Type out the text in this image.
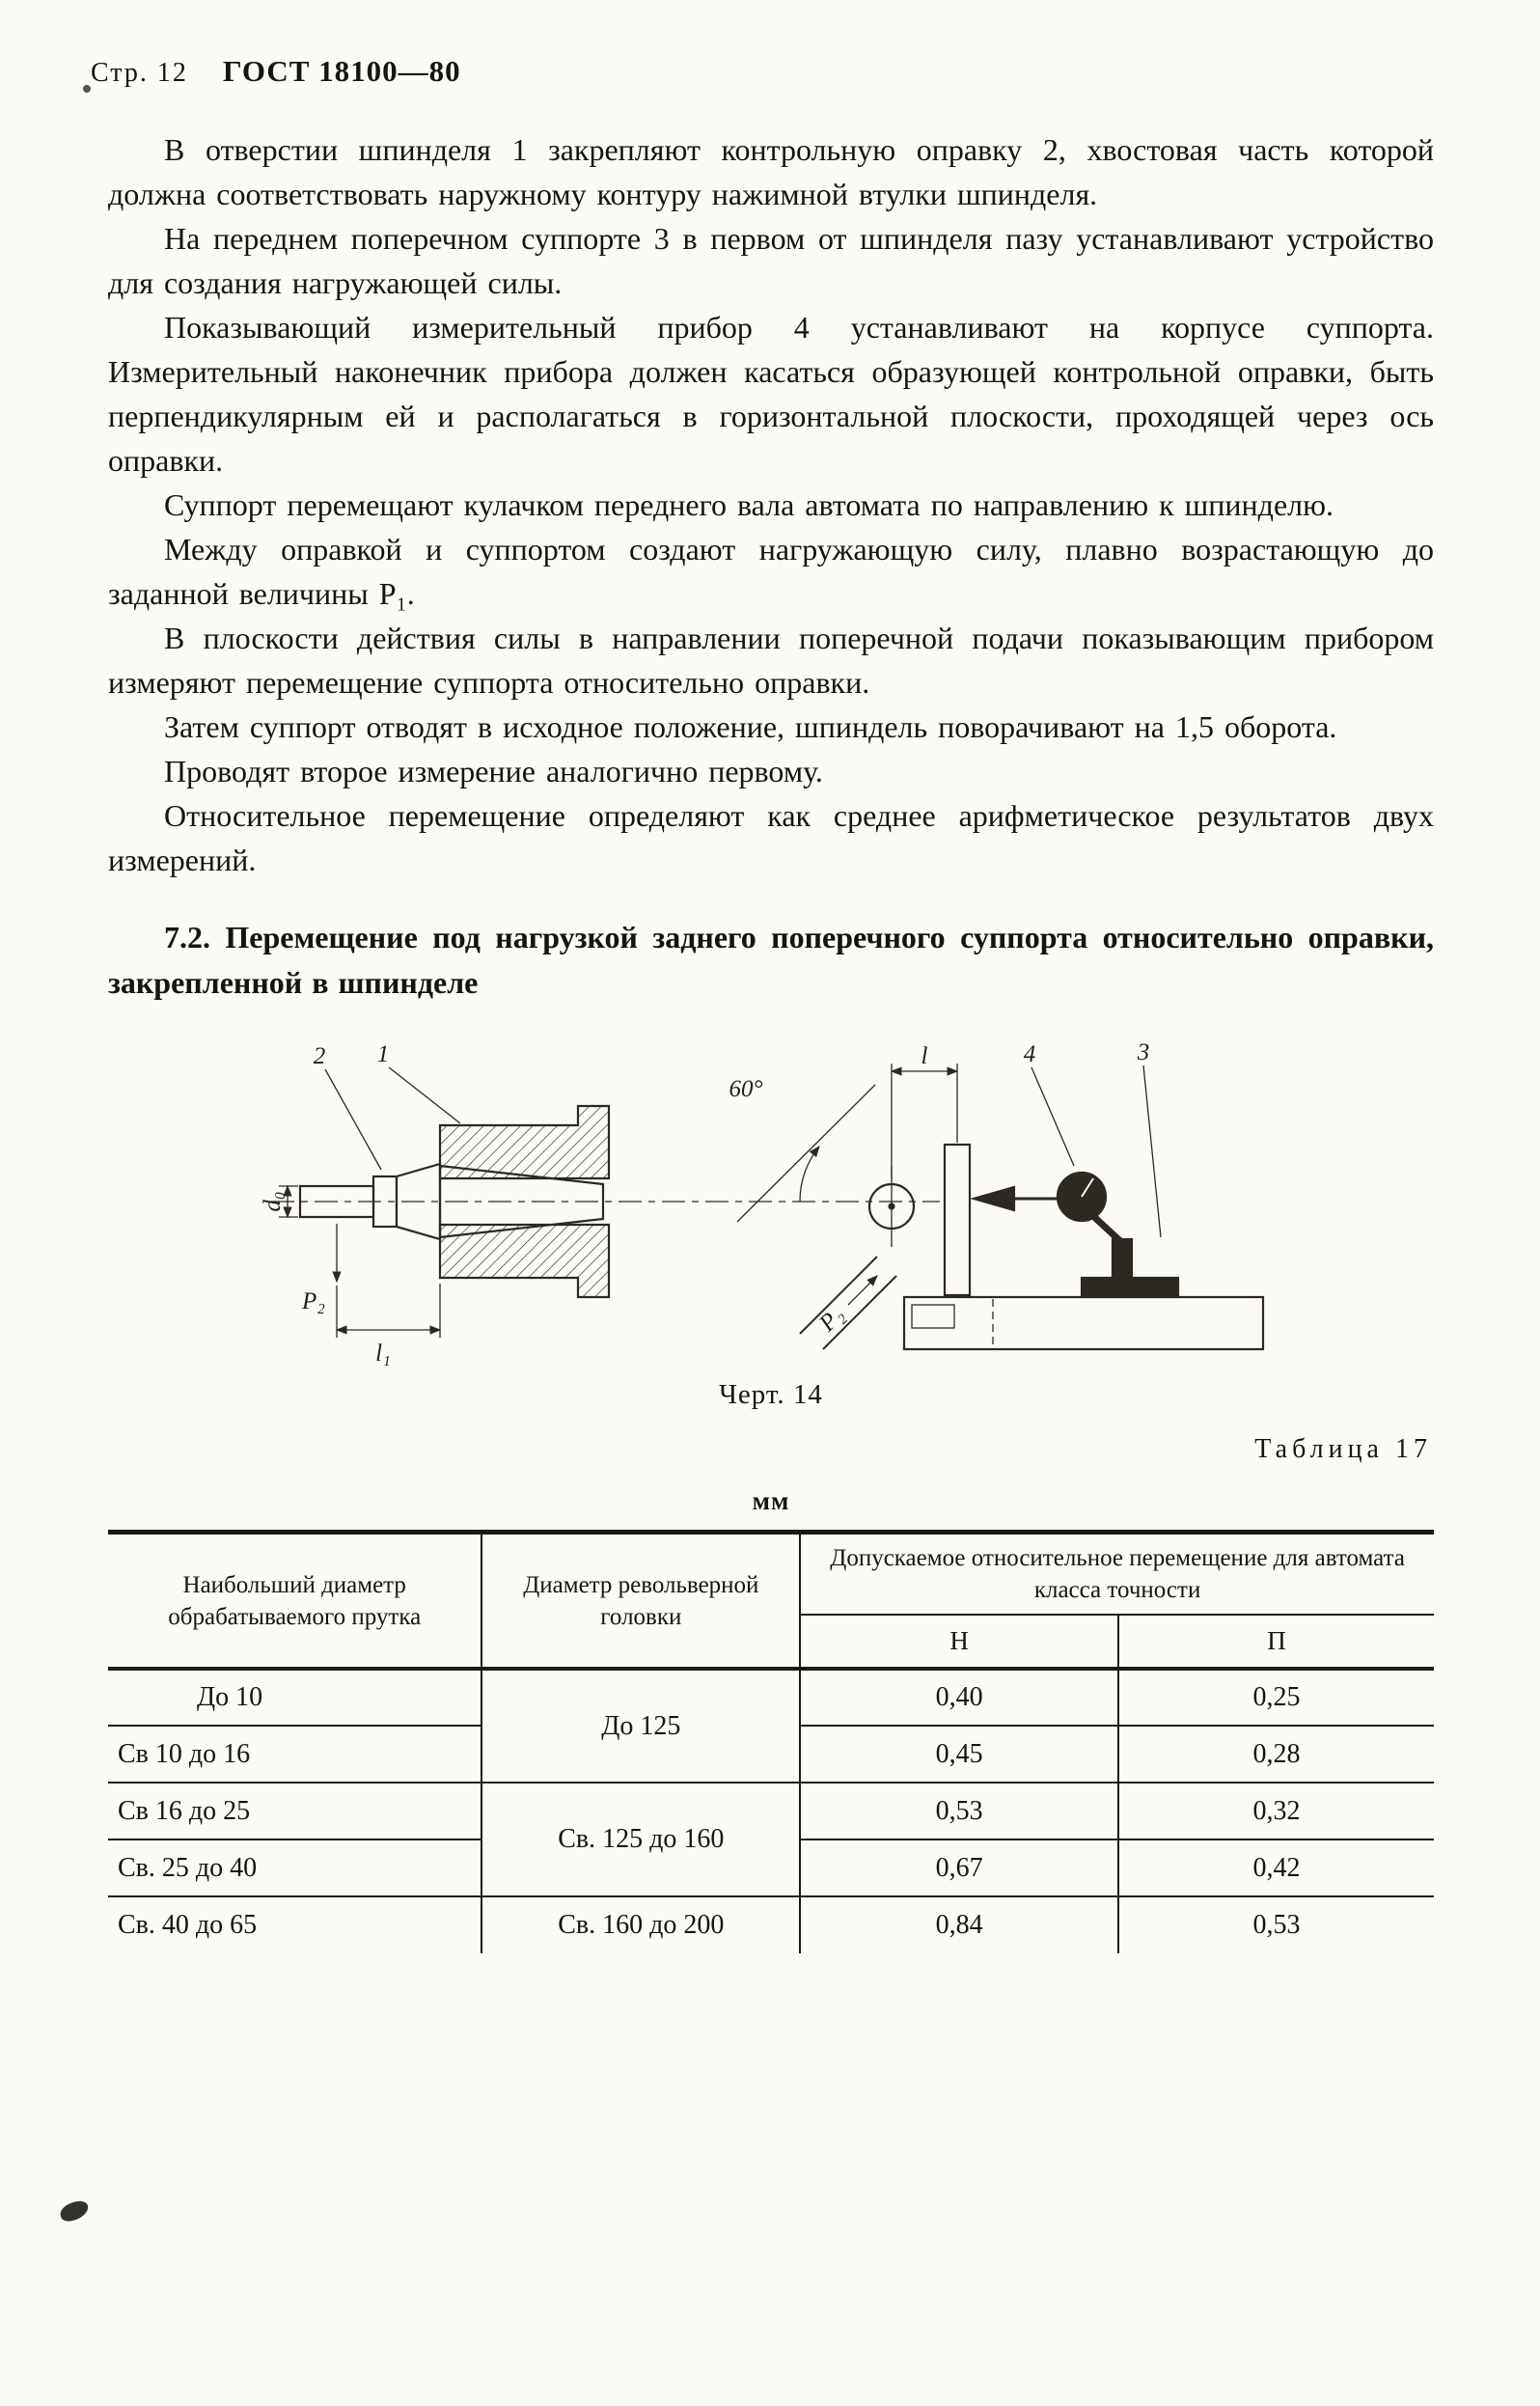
Стр. 12 ГОСТ 18100—80

В отверстии шпинделя 1 закрепляют контрольную оправку 2, хвостовая часть которой должна соответствовать наружному контуру нажимной втулки шпинделя.

На переднем поперечном суппорте 3 в первом от шпинделя пазу устанавливают устройство для создания нагружающей силы.

Показывающий измерительный прибор 4 устанавливают на корпусе суппорта. Измерительный наконечник прибора должен касаться образующей контрольной оправки, быть перпендикулярным ей и располагаться в горизонтальной плоскости, проходящей через ось оправки.

Суппорт перемещают кулачком переднего вала автомата по направлению к шпинделю.

Между оправкой и суппортом создают нагружающую силу, плавно возрастающую до заданной величины Р₁.

В плоскости действия силы в направлении поперечной подачи показывающим прибором измеряют перемещение суппорта относительно оправки.

Затем суппорт отводят в исходное положение, шпиндель поворачивают на 1,5 оборота.

Проводят второе измерение аналогично первому.

Относительное перемещение определяют как среднее арифметическое результатов двух измерений.

7.2. Перемещение под нагрузкой заднего поперечного суппорта относительно оправки, закрепленной в шпинделе

2 1
60°
l	4	3
d₀
Р₂
l₁
Р₂
Черт. 14
Таблица 17
мм
Наибольший диаметр обрабатываемого прутка	Диаметр револьверной головки	Допускаемое относительное перемещение для автомата класса точности	
		Н	П
До 10	До 125	0,40	0,25
Св 10 до 16		0,45	0,28
Св 16 до 25	Св. 125 до 160	0,53	0,32
Св. 25 до 40		0,67	0,42
Св. 40 до 65	Св. 160 до 200	0,84	0,53
